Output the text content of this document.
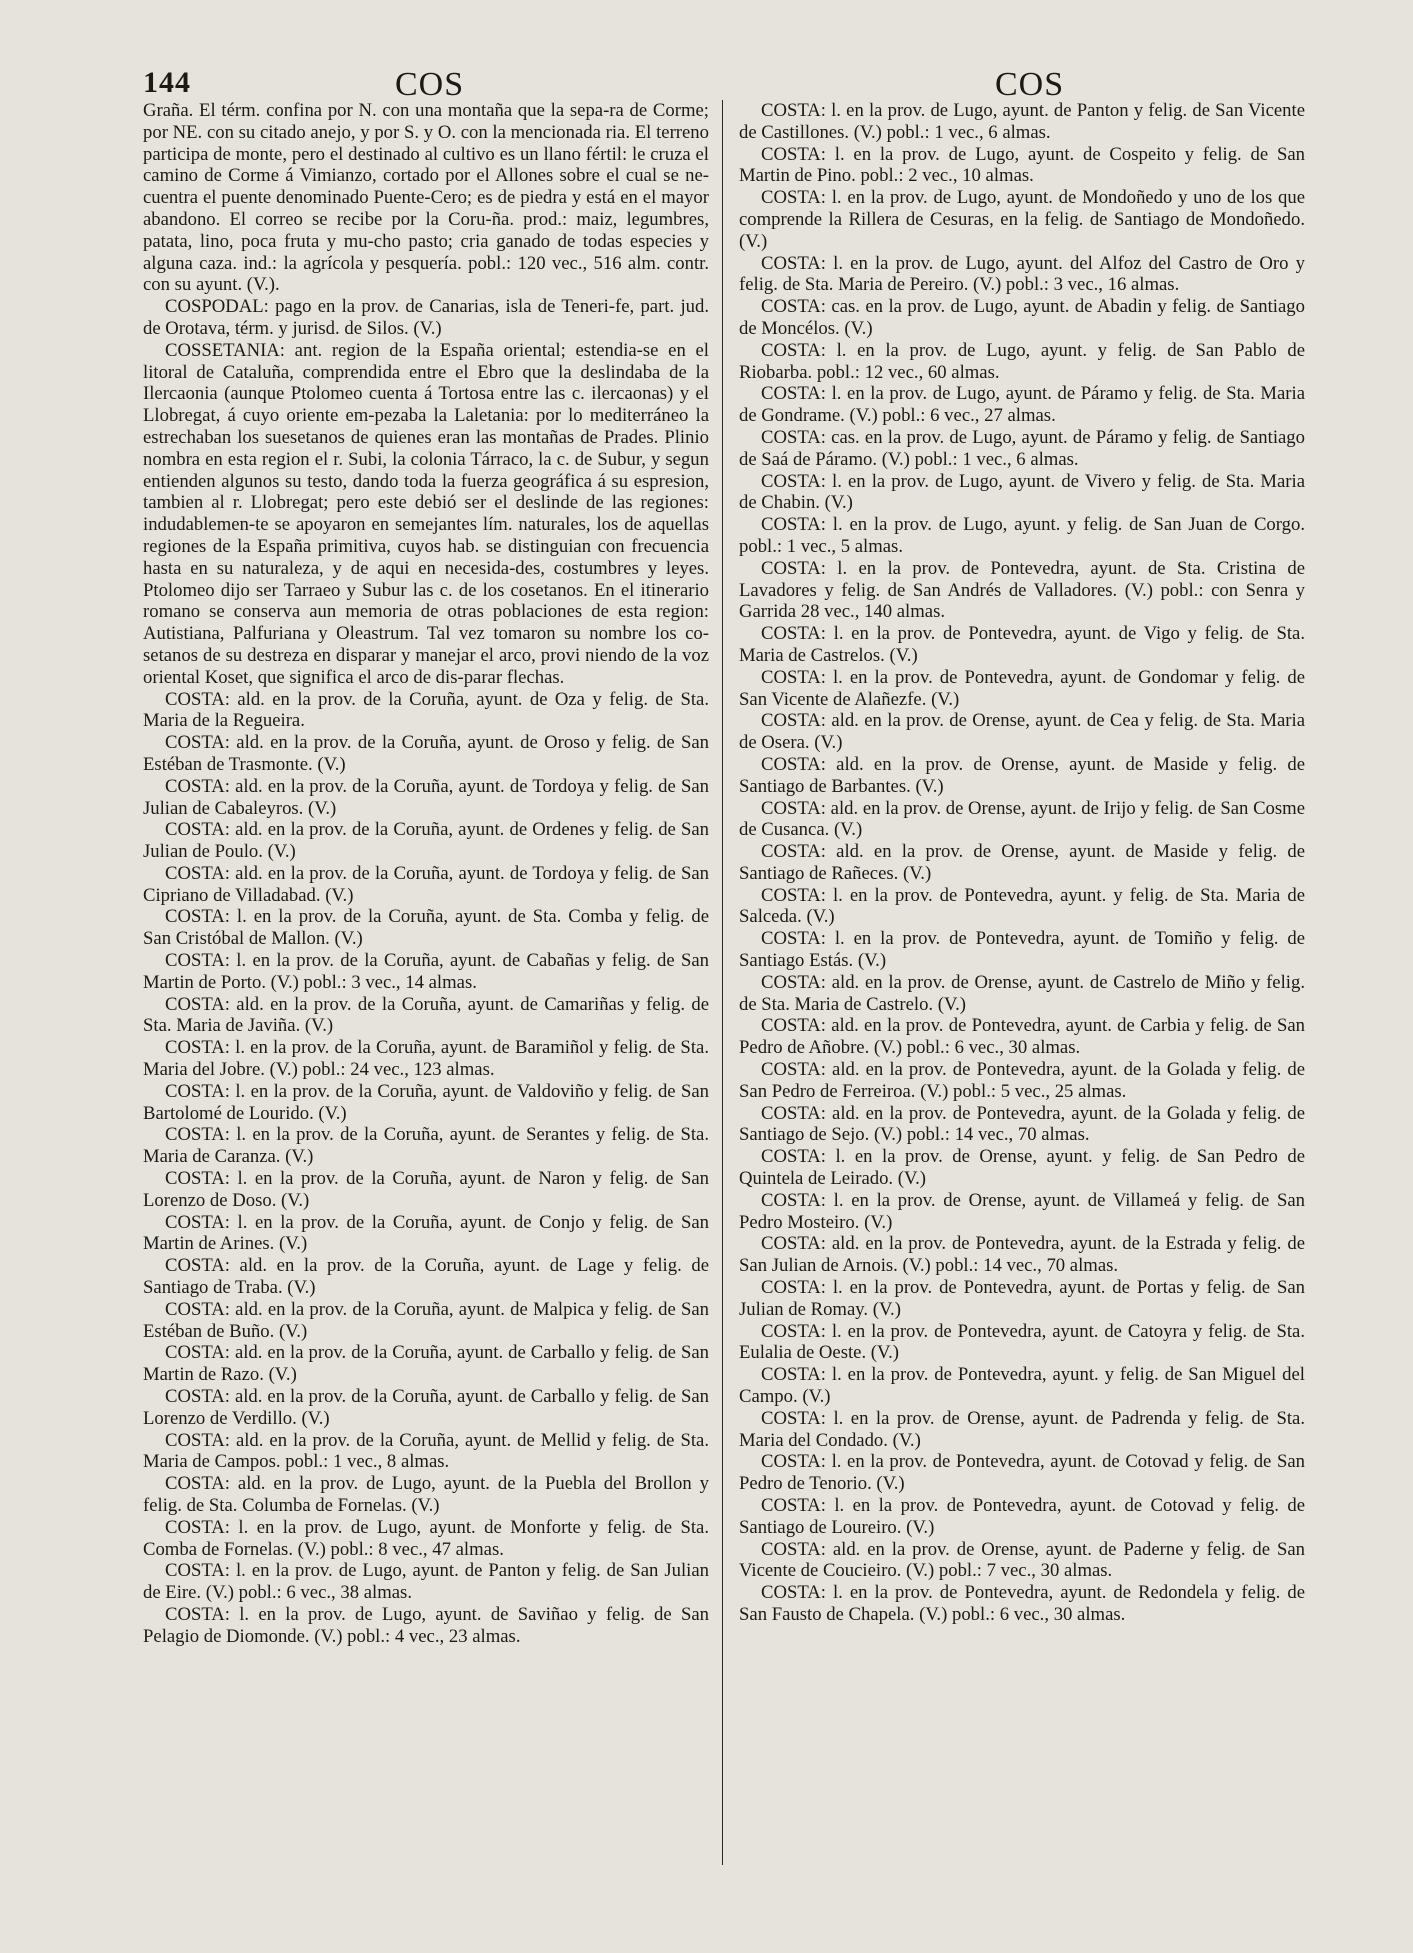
144	COS	COS

Graña. El térm. confina por N. con una montaña que la sepa-ra de Corme; por NE. con su citado anejo, y por S. y O. con la mencionada ria. El terreno participa de monte, pero el destinado al cultivo es un llano fértil: le cruza el camino de Corme á Vimianzo, cortado por el Allones sobre el cual se ne-cuentra el puente denominado Puente-Cero; es de piedra y está en el mayor abandono. El correo se recibe por la Coru-ña. prod.: maiz, legumbres, patata, lino, poca fruta y mu-cho pasto; cria ganado de todas especies y alguna caza. ind.: la agrícola y pesquería. pobl.: 120 vec., 516 alm. contr. con su ayunt. (V.).

COSPODAL: pago en la prov. de Canarias, isla de Teneri-fe, part. jud. de Orotava, térm. y jurisd. de Silos. (V.)

COSSETANIA: ant. region de la España oriental; estendia-se en el litoral de Cataluña, comprendida entre el Ebro que la deslindaba de la Ilercaonia (aunque Ptolomeo cuenta á Tortosa entre las c. ilercaonas) y el Llobregat, á cuyo oriente em-pezaba la Laletania: por lo mediterráneo la estrechaban los suesetanos de quienes eran las montañas de Prades. Plinio nombra en esta region el r. Subi, la colonia Tárraco, la c. de Subur, y segun entienden algunos su testo, dando toda la fuerza geográfica á su espresion, tambien al r. Llobregat; pero este debió ser el deslinde de las regiones: indudablemen-te se apoyaron en semejantes lím. naturales, los de aquellas regiones de la España primitiva, cuyos hab. se distinguian con frecuencia hasta en su naturaleza, y de aqui en necesida-des, costumbres y leyes. Ptolomeo dijo ser Tarraeo y Subur las c. de los cosetanos. En el itinerario romano se conserva aun memoria de otras poblaciones de esta region: Autistiana, Palfuriana y Oleastrum. Tal vez tomaron su nombre los co-setanos de su destreza en disparar y manejar el arco, provi niendo de la voz oriental Koset, que significa el arco de dis-parar flechas.

COSTA: ald. en la prov. de la Coruña, ayunt. de Oza y felig. de Sta. Maria de la Regueira.

COSTA: ald. en la prov. de la Coruña, ayunt. de Oroso y felig. de San Estéban de Trasmonte. (V.)

COSTA: ald. en la prov. de la Coruña, ayunt. de Tordoya y felig. de San Julian de Cabaleyros. (V.)

COSTA: ald. en la prov. de la Coruña, ayunt. de Ordenes y felig. de San Julian de Poulo. (V.)

COSTA: ald. en la prov. de la Coruña, ayunt. de Tordoya y felig. de San Cipriano de Villadabad. (V.)

COSTA: l. en la prov. de la Coruña, ayunt. de Sta. Comba y felig. de San Cristóbal de Mallon. (V.)

COSTA: l. en la prov. de la Coruña, ayunt. de Cabañas y felig. de San Martin de Porto. (V.) pobl.: 3 vec., 14 almas.

COSTA: ald. en la prov. de la Coruña, ayunt. de Camariñas y felig. de Sta. Maria de Javiña. (V.)

COSTA: l. en la prov. de la Coruña, ayunt. de Baramiñol y felig. de Sta. Maria del Jobre. (V.) pobl.: 24 vec., 123 almas.

COSTA: l. en la prov. de la Coruña, ayunt. de Valdoviño y felig. de San Bartolomé de Lourido. (V.)

COSTA: l. en la prov. de la Coruña, ayunt. de Serantes y felig. de Sta. Maria de Caranza. (V.)

COSTA: l. en la prov. de la Coruña, ayunt. de Naron y felig. de San Lorenzo de Doso. (V.)

COSTA: l. en la prov. de la Coruña, ayunt. de Conjo y felig. de San Martin de Arines. (V.)

COSTA: ald. en la prov. de la Coruña, ayunt. de Lage y felig. de Santiago de Traba. (V.)

COSTA: ald. en la prov. de la Coruña, ayunt. de Malpica y felig. de San Estéban de Buño. (V.)

COSTA: ald. en la prov. de la Coruña, ayunt. de Carballo y felig. de San Martin de Razo. (V.)

COSTA: ald. en la prov. de la Coruña, ayunt. de Carballo y felig. de San Lorenzo de Verdillo. (V.)

COSTA: ald. en la prov. de la Coruña, ayunt. de Mellid y felig. de Sta. Maria de Campos. pobl.: 1 vec., 8 almas.

COSTA: ald. en la prov. de Lugo, ayunt. de la Puebla del Brollon y felig. de Sta. Columba de Fornelas. (V.)

COSTA: l. en la prov. de Lugo, ayunt. de Monforte y felig. de Sta. Comba de Fornelas. (V.) pobl.: 8 vec., 47 almas.

COSTA: l. en la prov. de Lugo, ayunt. de Panton y felig. de San Julian de Eire. (V.) pobl.: 6 vec., 38 almas.

COSTA: l. en la prov. de Lugo, ayunt. de Saviñao y felig. de San Pelagio de Diomonde. (V.) pobl.: 4 vec., 23 almas.

COSTA: l. en la prov. de Lugo, ayunt. de Panton y felig. de San Vicente de Castillones. (V.) pobl.: 1 vec., 6 almas.

COSTA: l. en la prov. de Lugo, ayunt. de Cospeito y felig. de San Martin de Pino. pobl.: 2 vec., 10 almas.

COSTA: l. en la prov. de Lugo, ayunt. de Mondoñedo y uno de los que comprende la Rillera de Cesuras, en la felig. de Santiago de Mondoñedo. (V.)

COSTA: l. en la prov. de Lugo, ayunt. del Alfoz del Castro de Oro y felig. de Sta. Maria de Pereiro. (V.) pobl.: 3 vec., 16 almas.

COSTA: cas. en la prov. de Lugo, ayunt. de Abadin y felig. de Santiago de Moncélos. (V.)

COSTA: l. en la prov. de Lugo, ayunt. y felig. de San Pablo de Riobarba. pobl.: 12 vec., 60 almas.

COSTA: l. en la prov. de Lugo, ayunt. de Páramo y felig. de Sta. Maria de Gondrame. (V.) pobl.: 6 vec., 27 almas.

COSTA: cas. en la prov. de Lugo, ayunt. de Páramo y felig. de Santiago de Saá de Páramo. (V.) pobl.: 1 vec., 6 almas.

COSTA: l. en la prov. de Lugo, ayunt. de Vivero y felig. de Sta. Maria de Chabin. (V.)

COSTA: l. en la prov. de Lugo, ayunt. y felig. de San Juan de Corgo. pobl.: 1 vec., 5 almas.

COSTA: l. en la prov. de Pontevedra, ayunt. de Sta. Cristina de Lavadores y felig. de San Andrés de Valladores. (V.) pobl.: con Senra y Garrida 28 vec., 140 almas.

COSTA: l. en la prov. de Pontevedra, ayunt. de Vigo y felig. de Sta. Maria de Castrelos. (V.)

COSTA: l. en la prov. de Pontevedra, ayunt. de Gondomar y felig. de San Vicente de Alañezfe. (V.)

COSTA: ald. en la prov. de Orense, ayunt. de Cea y felig. de Sta. Maria de Osera. (V.)

COSTA: ald. en la prov. de Orense, ayunt. de Maside y felig. de Santiago de Barbantes. (V.)

COSTA: ald. en la prov. de Orense, ayunt. de Irijo y felig. de San Cosme de Cusanca. (V.)

COSTA: ald. en la prov. de Orense, ayunt. de Maside y felig. de Santiago de Rañeces. (V.)

COSTA: l. en la prov. de Pontevedra, ayunt. y felig. de Sta. Maria de Salceda. (V.)

COSTA: l. en la prov. de Pontevedra, ayunt. de Tomiño y felig. de Santiago Estás. (V.)

COSTA: ald. en la prov. de Orense, ayunt. de Castrelo de Miño y felig. de Sta. Maria de Castrelo. (V.)

COSTA: ald. en la prov. de Pontevedra, ayunt. de Carbia y felig. de San Pedro de Añobre. (V.) pobl.: 6 vec., 30 almas.

COSTA: ald. en la prov. de Pontevedra, ayunt. de la Golada y felig. de San Pedro de Ferreiroa. (V.) pobl.: 5 vec., 25 almas.

COSTA: ald. en la prov. de Pontevedra, ayunt. de la Golada y felig. de Santiago de Sejo. (V.) pobl.: 14 vec., 70 almas.

COSTA: l. en la prov. de Orense, ayunt. y felig. de San Pedro de Quintela de Leirado. (V.)

COSTA: l. en la prov. de Orense, ayunt. de Villameá y felig. de San Pedro Mosteiro. (V.)

COSTA: ald. en la prov. de Pontevedra, ayunt. de la Estrada y felig. de San Julian de Arnois. (V.) pobl.: 14 vec., 70 almas.

COSTA: l. en la prov. de Pontevedra, ayunt. de Portas y felig. de San Julian de Romay. (V.)

COSTA: l. en la prov. de Pontevedra, ayunt. de Catoyra y felig. de Sta. Eulalia de Oeste. (V.)

COSTA: l. en la prov. de Pontevedra, ayunt. y felig. de San Miguel del Campo. (V.)

COSTA: l. en la prov. de Orense, ayunt. de Padrenda y felig. de Sta. Maria del Condado. (V.)

COSTA: l. en la prov. de Pontevedra, ayunt. de Cotovad y felig. de San Pedro de Tenorio. (V.)

COSTA: l. en la prov. de Pontevedra, ayunt. de Cotovad y felig. de Santiago de Loureiro. (V.)

COSTA: ald. en la prov. de Orense, ayunt. de Paderne y felig. de San Vicente de Coucieiro. (V.) pobl.: 7 vec., 30 almas.

COSTA: l. en la prov. de Pontevedra, ayunt. de Redondela y felig. de San Fausto de Chapela. (V.) pobl.: 6 vec., 30 almas.
